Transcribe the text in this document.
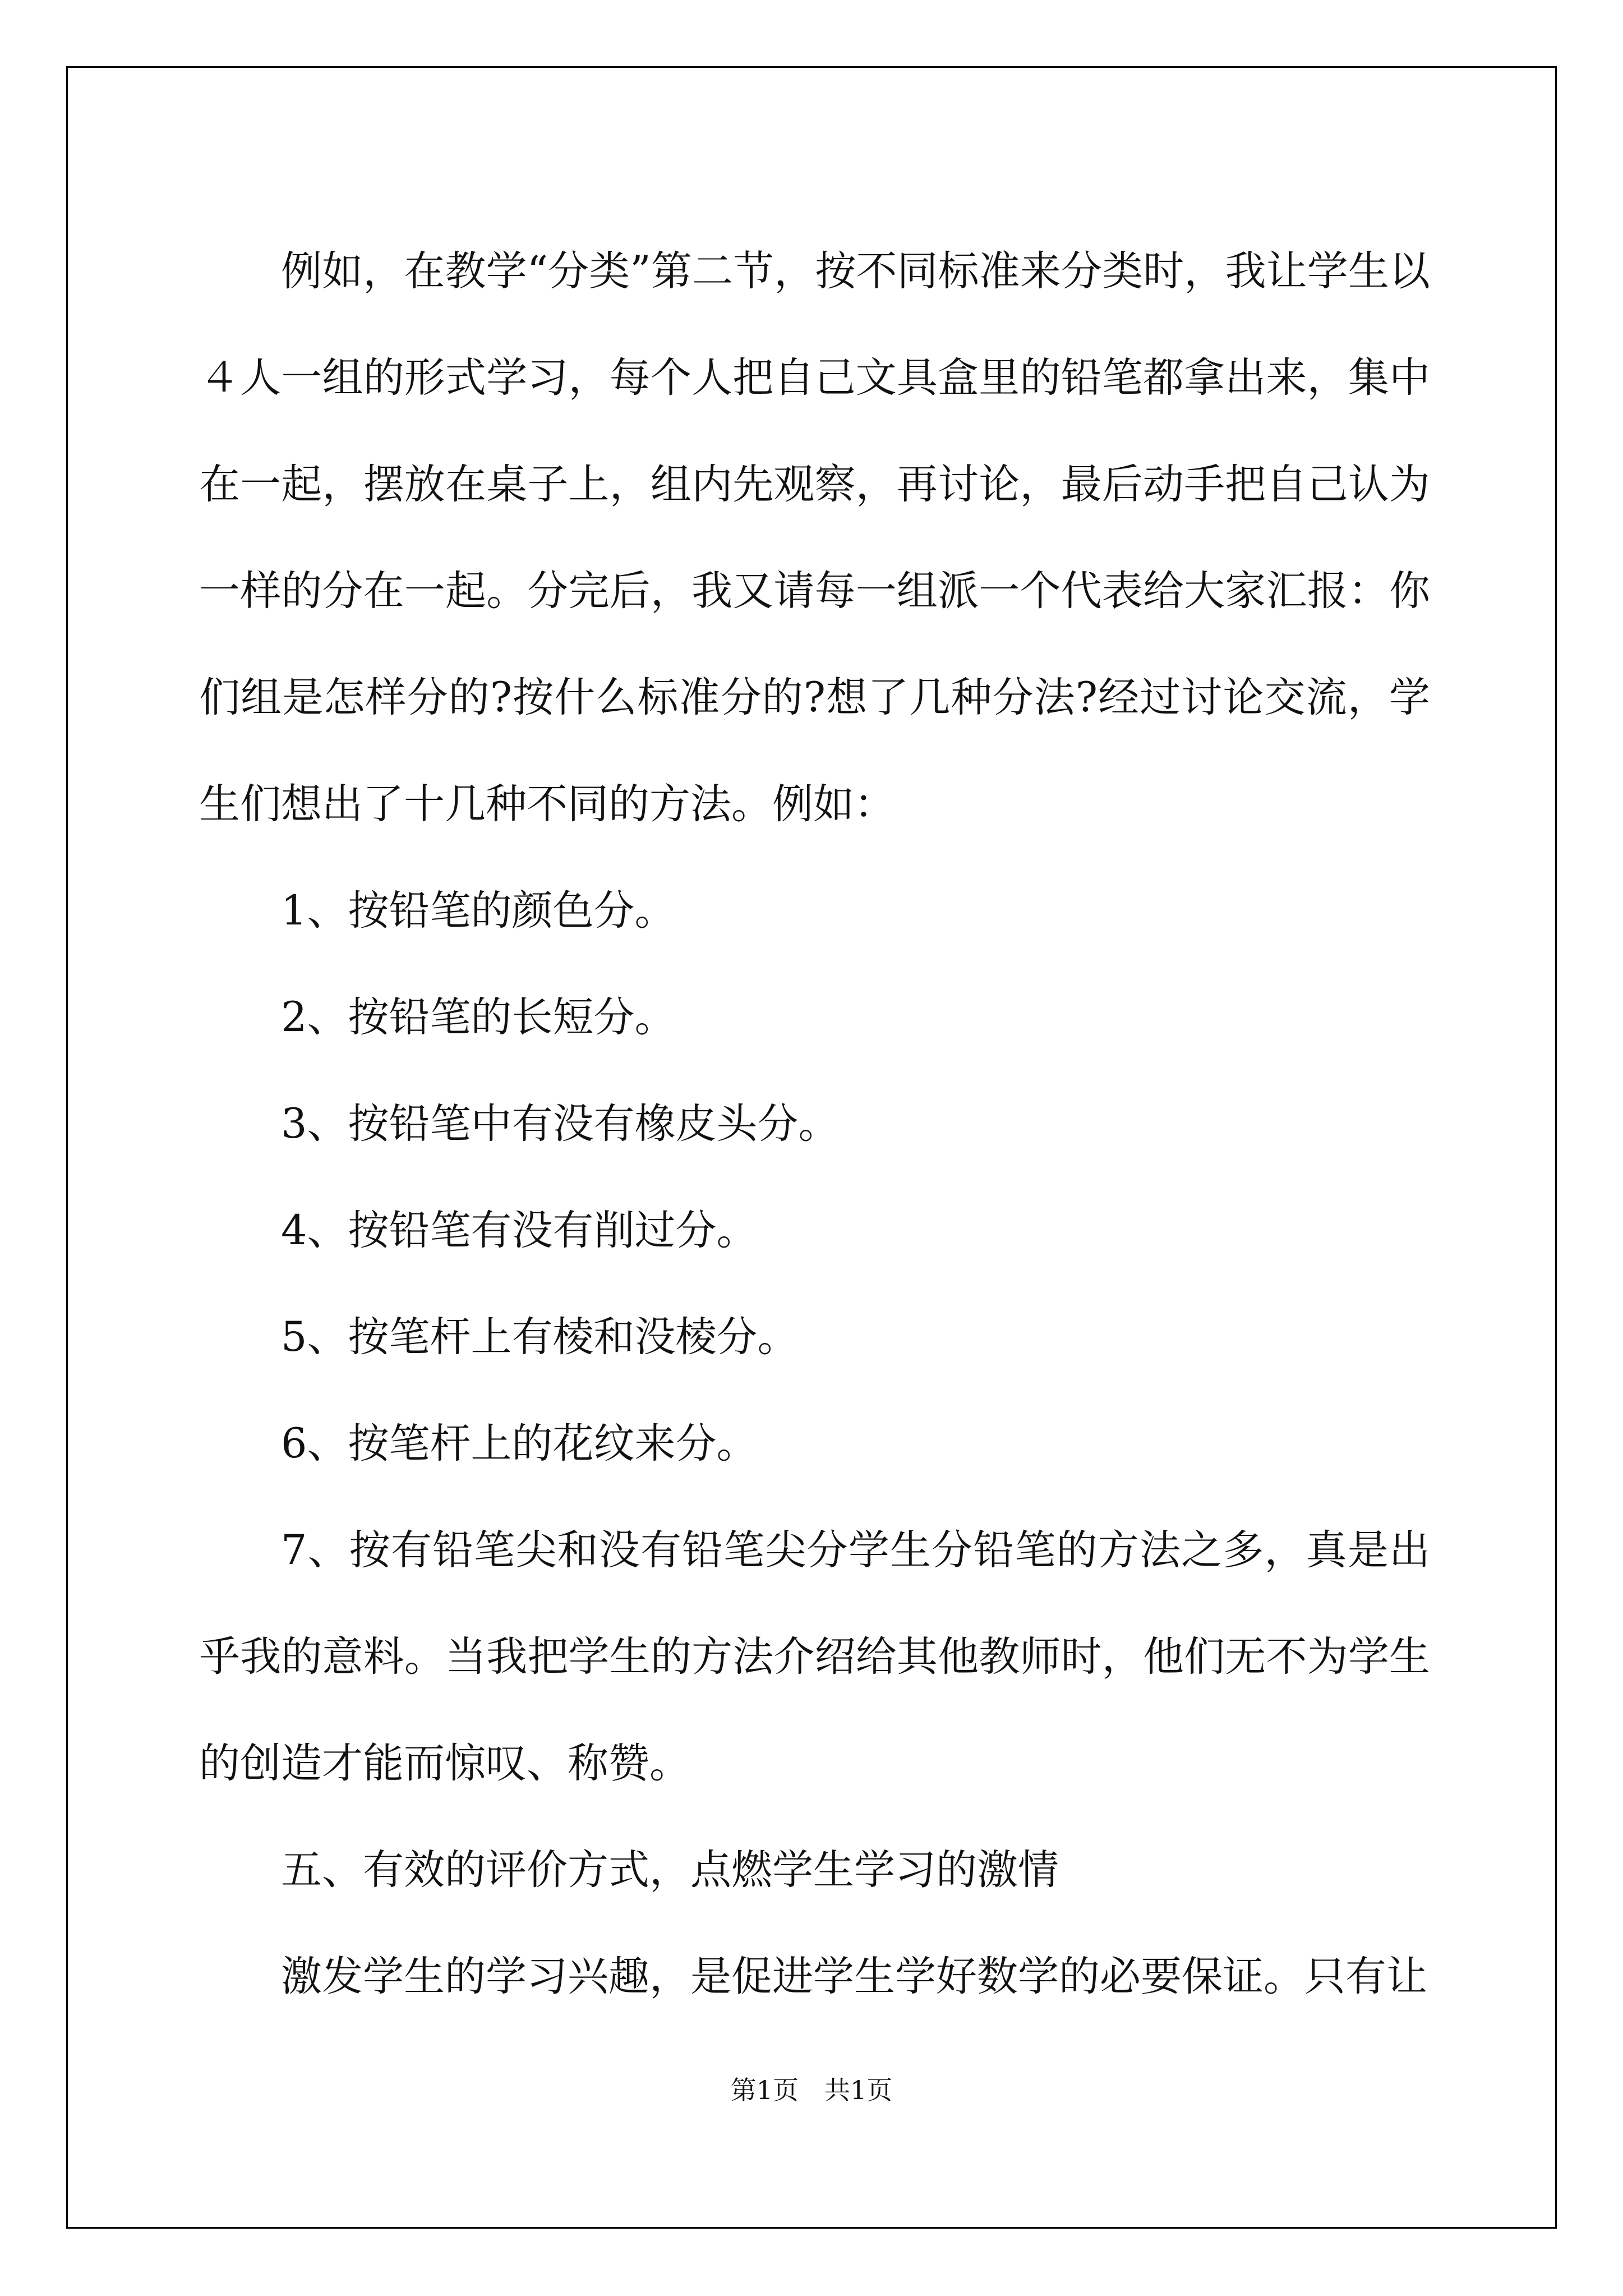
例如，在教学“分类”第二节，按不同标准来分类时，我让学生以４人一组的形式学习，每个人把自己文具盒里的铅笔都拿出来，集中在一起，摆放在桌子上，组内先观察，再讨论，最后动手把自己认为一样的分在一起。分完后，我又请每一组派一个代表给大家汇报：你们组是怎样分的?按什么标准分的?想了几种分法?经过讨论交流，学生们想出了十几种不同的方法。例如：

1、按铅笔的颜色分。

2、按铅笔的长短分。

3、按铅笔中有没有橡皮头分。

4、按铅笔有没有削过分。

5、按笔杆上有棱和没棱分。

6、按笔杆上的花纹来分。

7、按有铅笔尖和没有铅笔尖分学生分铅笔的方法之多，真是出乎我的意料。当我把学生的方法介绍给其他教师时，他们无不为学生的创造才能而惊叹、称赞。

五、有效的评价方式，点燃学生学习的激情

激发学生的学习兴趣，是促进学生学好数学的必要保证。只有让

第1页　共1页
